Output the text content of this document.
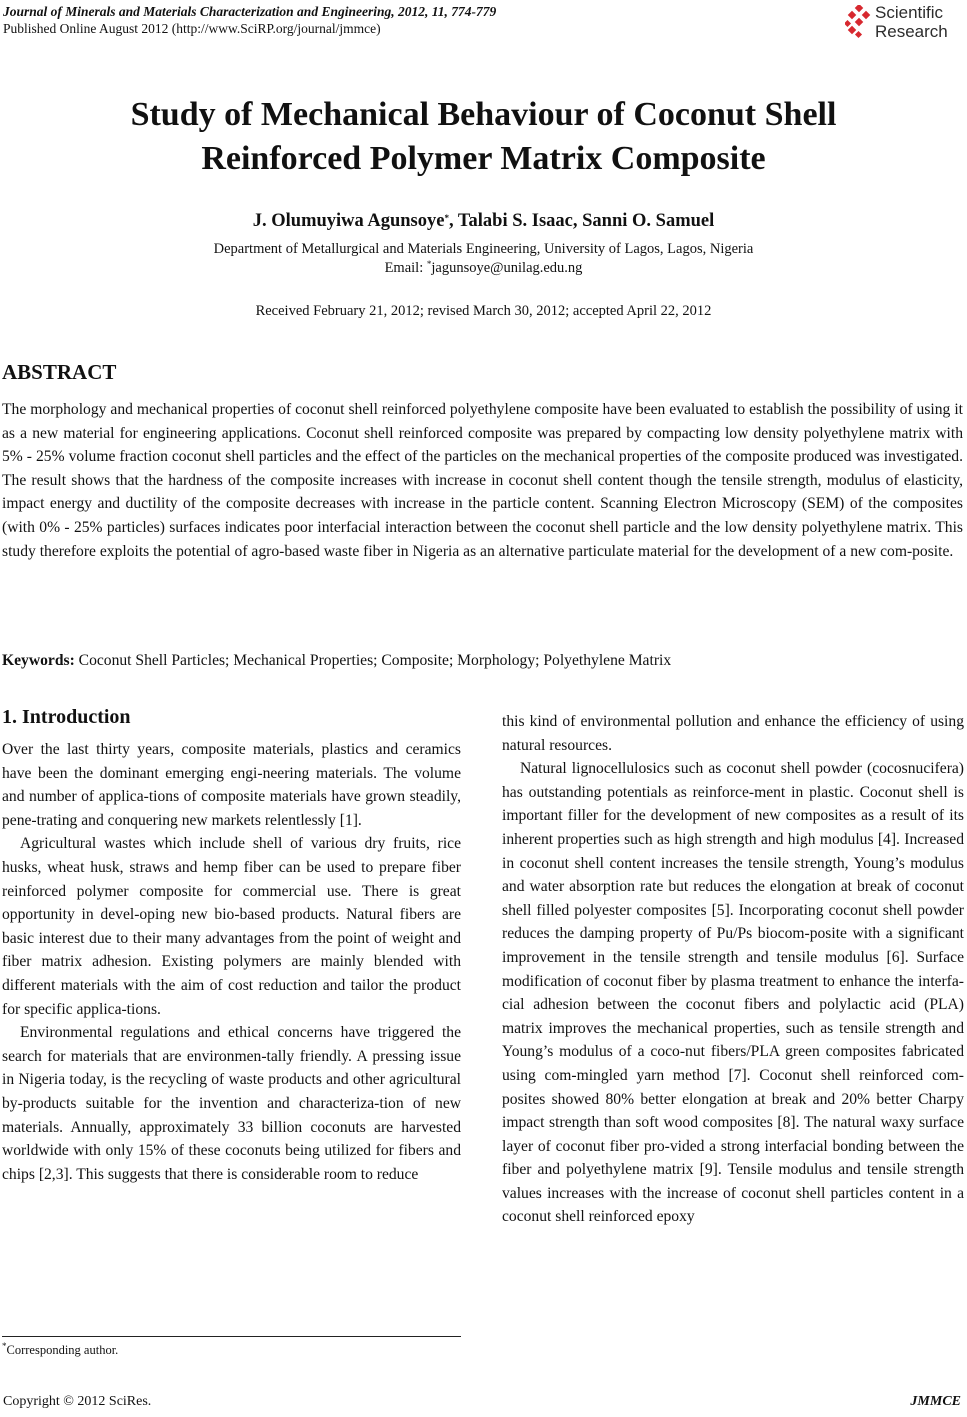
Journal of Minerals and Materials Characterization and Engineering, 2012, 11, 774-779
Published Online August 2012 (http://www.SciRP.org/journal/jmmce)
Scientific
Research
Study of Mechanical Behaviour of Coconut Shell
Reinforced Polymer Matrix Composite
J. Olumuyiwa Agunsoye*, Talabi S. Isaac, Sanni O. Samuel
Department of Metallurgical and Materials Engineering, University of Lagos, Lagos, Nigeria
Email: *jagunsoye@unilag.edu.ng
Received February 21, 2012; revised March 30, 2012; accepted April 22, 2012
ABSTRACT

The morphology and mechanical properties of coconut shell reinforced polyethylene composite have been evaluated to establish the possibility of using it as a new material for engineering applications. Coconut shell reinforced composite was prepared by compacting low density polyethylene matrix with 5% - 25% volume fraction coconut shell particles and the effect of the particles on the mechanical properties of the composite produced was investigated. The result shows that the hardness of the composite increases with increase in coconut shell content though the tensile strength, modulus of elasticity, impact energy and ductility of the composite decreases with increase in the particle content. Scanning Electron Microscopy (SEM) of the composites (with 0% - 25% particles) surfaces indicates poor interfacial interaction between the coconut shell particle and the low density polyethylene matrix. This study therefore exploits the potential of agro-based waste fiber in Nigeria as an alternative particulate material for the development of a new com-posite.

Keywords: Coconut Shell Particles; Mechanical Properties; Composite; Morphology; Polyethylene Matrix
1. Introduction

Over the last thirty years, composite materials, plastics and ceramics have been the dominant emerging engi-neering materials. The volume and number of applica-tions of composite materials have grown steadily, pene-trating and conquering new markets relentlessly [1].

Agricultural wastes which include shell of various dry fruits, rice husks, wheat husk, straws and hemp fiber can be used to prepare fiber reinforced polymer composite for commercial use. There is great opportunity in devel-oping new bio-based products. Natural fibers are basic interest due to their many advantages from the point of weight and fiber matrix adhesion. Existing polymers are mainly blended with different materials with the aim of cost reduction and tailor the product for specific applica-tions.

Environmental regulations and ethical concerns have triggered the search for materials that are environmen-tally friendly. A pressing issue in Nigeria today, is the recycling of waste products and other agricultural by-products suitable for the invention and characteriza-tion of new materials. Annually, approximately 33 billion coconuts are harvested worldwide with only 15% of these coconuts being utilized for fibers and chips [2,3]. This suggests that there is considerable room to reduce

this kind of environmental pollution and enhance the efficiency of using natural resources.

Natural lignocellulosics such as coconut shell powder (cocosnucifera) has outstanding potentials as reinforce-ment in plastic. Coconut shell is important filler for the development of new composites as a result of its inherent properties such as high strength and high modulus [4]. Increased in coconut shell content increases the tensile strength, Young’s modulus and water absorption rate but reduces the elongation at break of coconut shell filled polyester composites [5]. Incorporating coconut shell powder reduces the damping property of Pu/Ps biocom-posite with a significant improvement in the tensile strength and tensile modulus [6]. Surface modification of coconut fiber by plasma treatment to enhance the interfa-cial adhesion between the coconut fibers and polylactic acid (PLA) matrix improves the mechanical properties, such as tensile strength and Young’s modulus of a coco-nut fibers/PLA green composites fabricated using com-mingled yarn method [7]. Coconut shell reinforced com-posites showed 80% better elongation at break and 20% better Charpy impact strength than soft wood composites [8]. The natural waxy surface layer of coconut fiber pro-vided a strong interfacial bonding between the fiber and polyethylene matrix [9]. Tensile modulus and tensile strength values increases with the increase of coconut shell particles content in a coconut shell reinforced epoxy

*Corresponding author.
Copyright © 2012 SciRes.	JMMCE
